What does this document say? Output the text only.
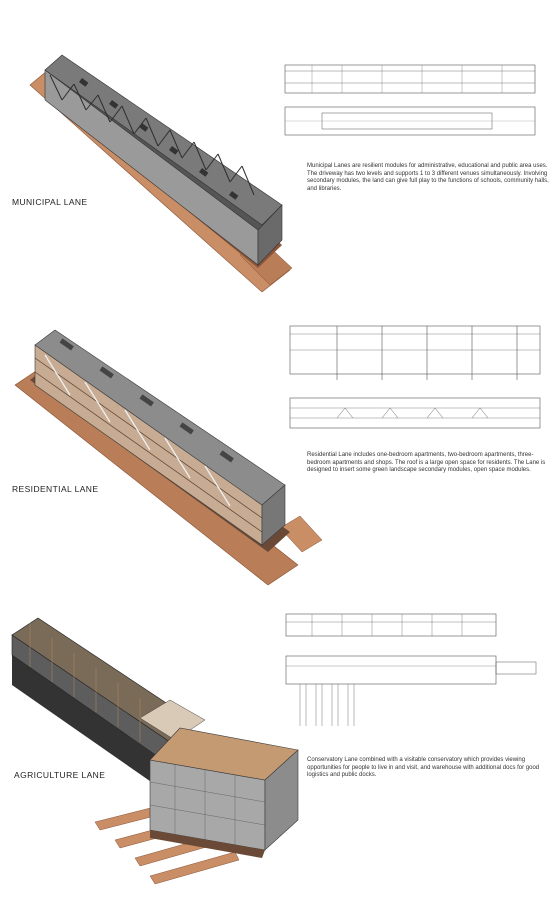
MUNICIPAL LANE

Municipal Lanes are resilient modules for administrative, educational and public area uses. The driveway has two levels and supports 1 to 3 different venues simultaneously. Involving secondary modules, the land can give full play to the functions of schools, community halls, and libraries.

RESIDENTIAL LANE

Residential Lane includes one-bedroom apartments, two-bedroom apartments, three-bedroom apartments and shops. The roof is a large open space for residents. The Lane is designed to insert some green landscape secondary modules, open space modules.

AGRICULTURE LANE

Conservatory Lane combined with a visitable conservatory which provides viewing opportunities for people to live in and visit, and warehouse with additional docs for good logistics and public docks.
